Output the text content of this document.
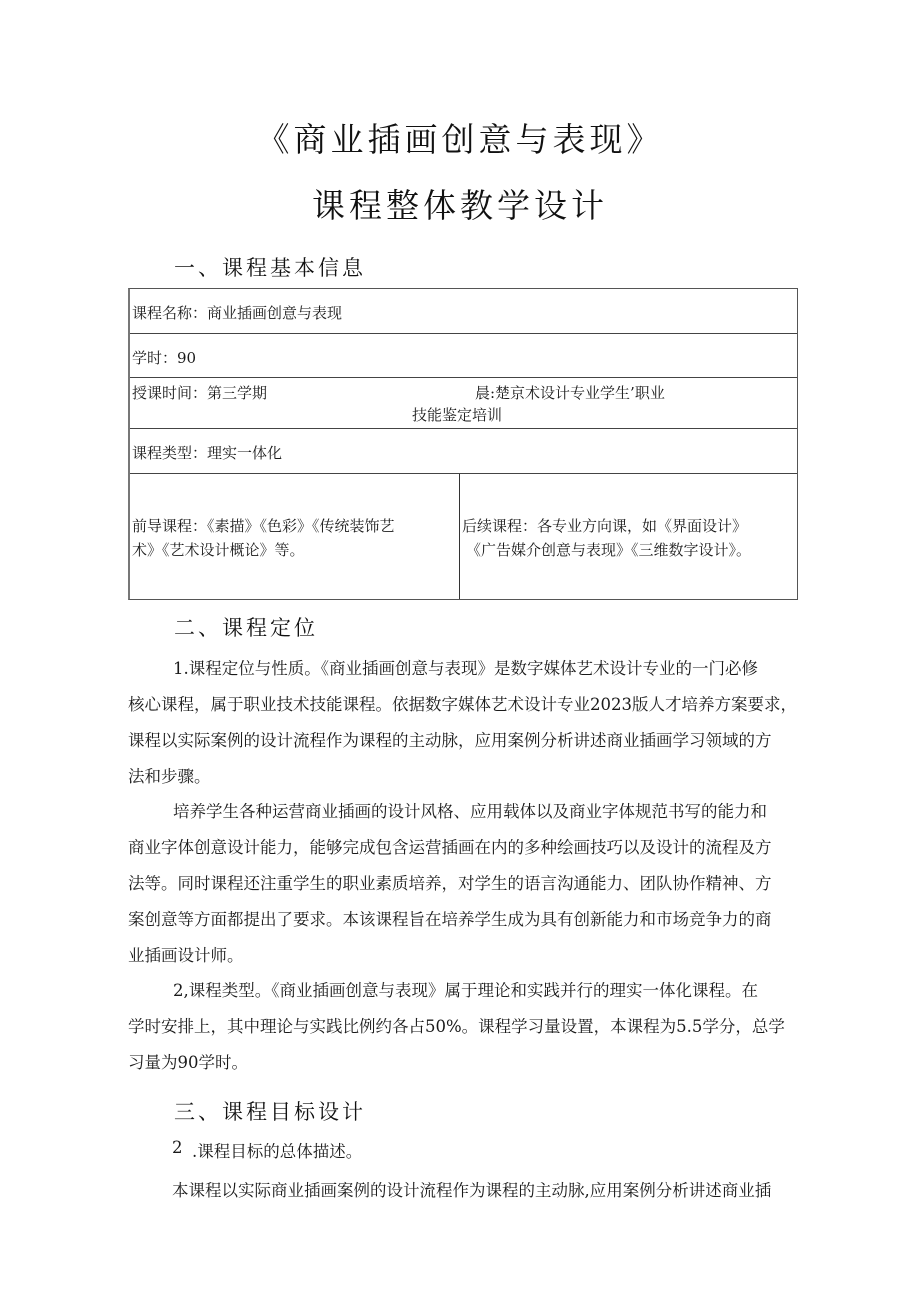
《商业插画创意与表现》
课程整体教学设计
一、课程基本信息
课程名称：商业插画创意与表现
学时：90
授课时间：第三学期	晨:楚京术设计专业学生’职业
技能鉴定培训
课程类型：理实一体化
前导课程：《素描》《色彩》《传统装饰艺
术》《艺术设计概论》等。
后续课程：各专业方向课，如《界面设计》
《广告媒介创意与表现》《三维数字设计》。
二、课程定位

1.课程定位与性质。《商业插画创意与表现》是数字媒体艺术设计专业的一门必修

核心课程，属于职业技术技能课程。依据数字媒体艺术设计专业2023版人才培养方案要求，

课程以实际案例的设计流程作为课程的主动脉，应用案例分析讲述商业插画学习领域的方

法和步骤。

培养学生各种运营商业插画的设计风格、应用载体以及商业字体规范书写的能力和

商业字体创意设计能力，能够完成包含运营插画在内的多种绘画技巧以及设计的流程及方

法等。同时课程还注重学生的职业素质培养，对学生的语言沟通能力、团队协作精神、方

案创意等方面都提出了要求。本该课程旨在培养学生成为具有创新能力和市场竞争力的商

业插画设计师。

2,课程类型。《商业插画创意与表现》属于理论和实践并行的理实一体化课程。在

学时安排上，其中理论与实践比例约各占50%。课程学习量设置，本课程为5.5学分，总学

习量为90学时。

三、课程目标设计
2 .课程目标的总体描述。
本课程以实际商业插画案例的设计流程作为课程的主动脉,应用案例分析讲述商业插
